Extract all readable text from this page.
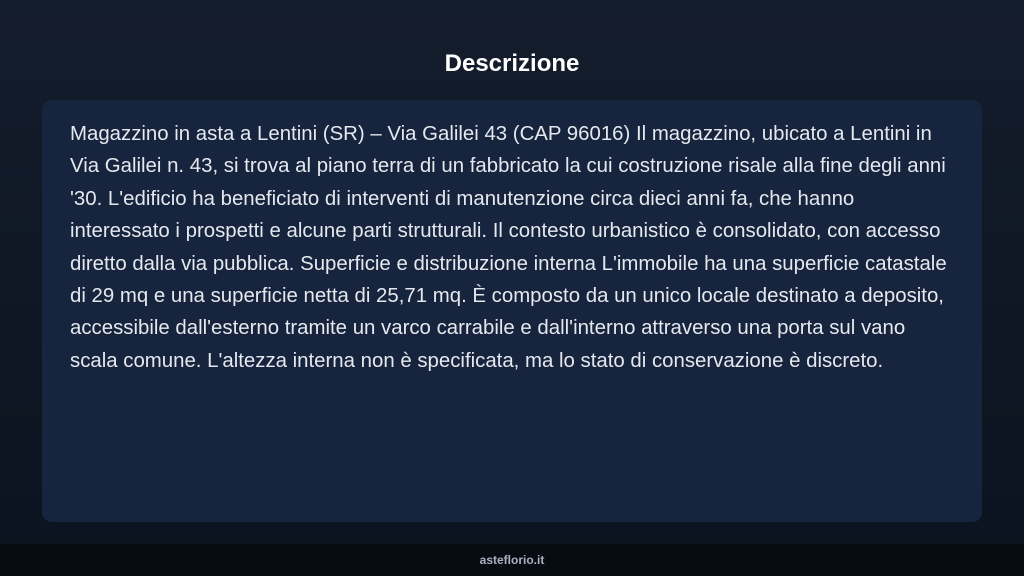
Descrizione

Magazzino in asta a Lentini (SR) – Via Galilei 43 (CAP 96016) Il magazzino, ubicato a Lentini in Via Galilei n. 43, si trova al piano terra di un fabbricato la cui costruzione risale alla fine degli anni '30. L'edificio ha beneficiato di interventi di manutenzione circa dieci anni fa, che hanno interessato i prospetti e alcune parti strutturali. Il contesto urbanistico è consolidato, con accesso diretto dalla via pubblica. Superficie e distribuzione interna L'immobile ha una superficie catastale di 29 mq e una superficie netta di 25,71 mq. È composto da un unico locale destinato a deposito, accessibile dall'esterno tramite un varco carrabile e dall'interno attraverso una porta sul vano scala comune. L'altezza interna non è specificata, ma lo stato di conservazione è discreto.

asteflorio.it
